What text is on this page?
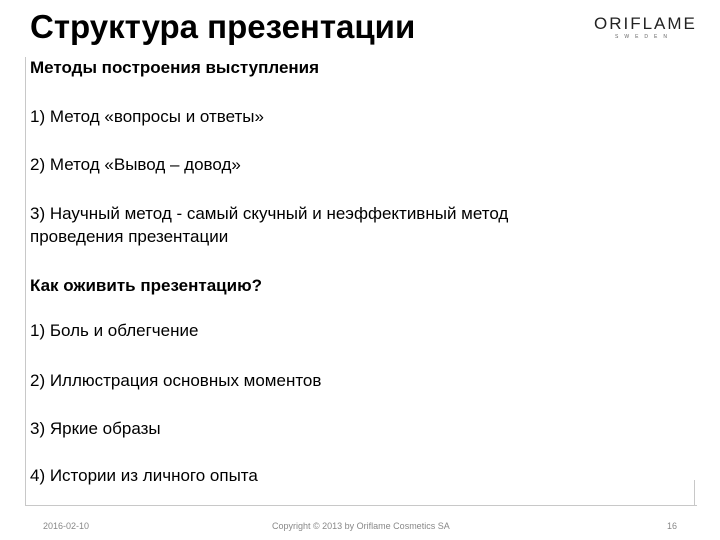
Структура презентации	ORIFLAME
SWEDEN
Методы построения выступления
1) Метод «вопросы и ответы»
2) Метод «Вывод – довод»
3) Научный метод - самый скучный и неэффективный метод
проведения презентации
Как оживить презентацию?
1) Боль и облегчение
2) Иллюстрация основных моментов
3) Яркие образы
4) Истории из личного опыта
2016-02-10	Copyright © 2013 by Oriflame Cosmetics SA	16
